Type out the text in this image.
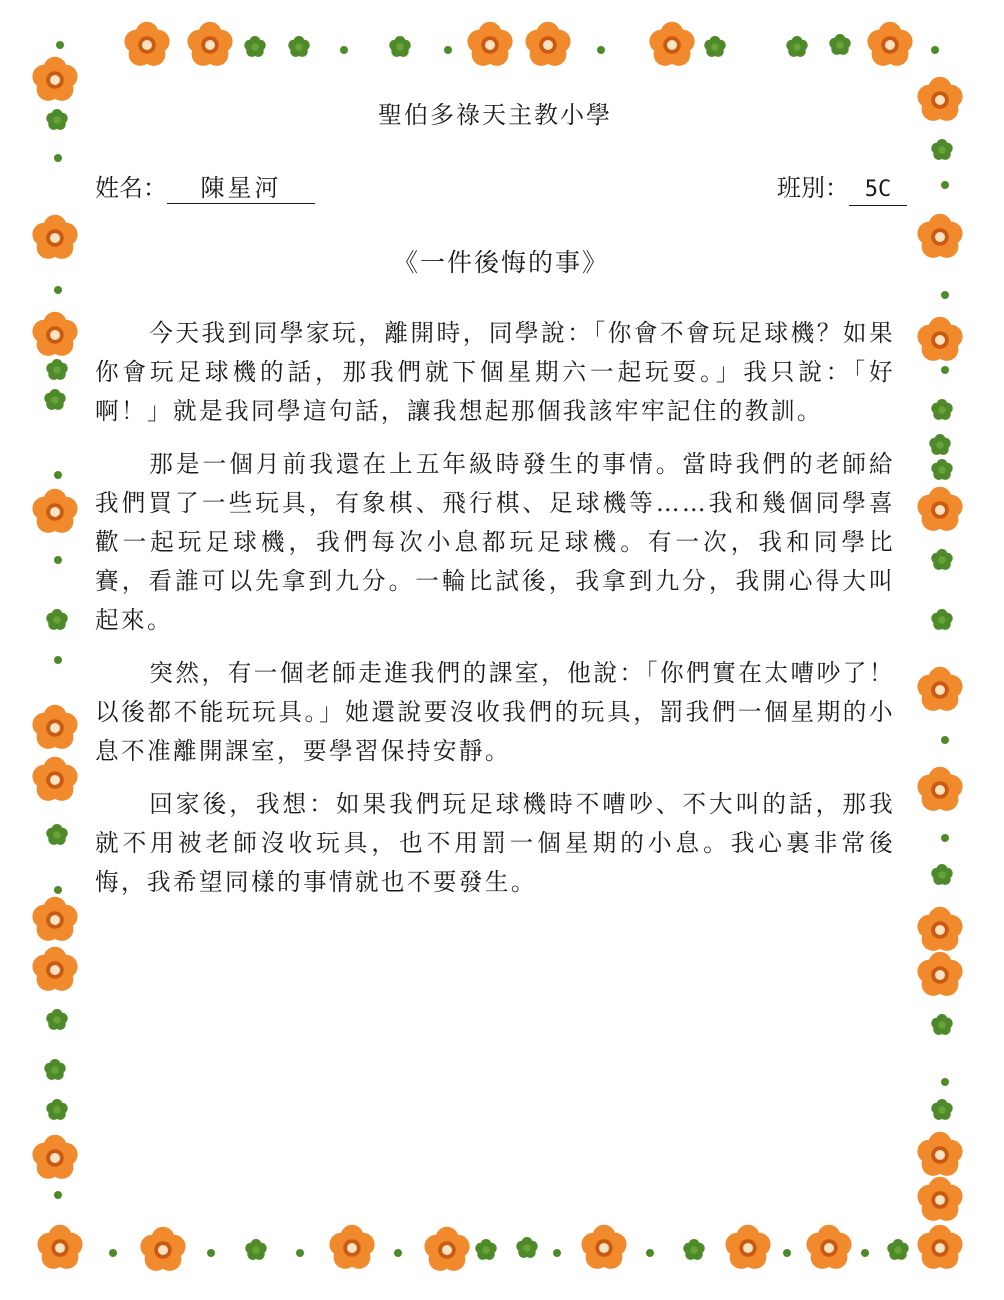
聖伯多祿天主教小學
姓名： 陳星河	班別： 5C
《一件後悔的事》

今天我到同學家玩，離開時，同學說：「你會不會玩足球機？如果你會玩足球機的話，那我們就下個星期六一起玩耍。」我只說：「好啊！」就是我同學這句話，讓我想起那個我該牢牢記住的教訓。

那是一個月前我還在上五年級時發生的事情。當時我們的老師給我們買了一些玩具，有象棋、飛行棋、足球機等……我和幾個同學喜歡一起玩足球機，我們每次小息都玩足球機。有一次，我和同學比賽，看誰可以先拿到九分。一輪比試後，我拿到九分，我開心得大叫起來。

突然，有一個老師走進我們的課室，他說：「你們實在太嘈吵了！以後都不能玩玩具。」她還說要沒收我們的玩具，罰我們一個星期的小息不准離開課室，要學習保持安靜。

回家後，我想：如果我們玩足球機時不嘈吵、不大叫的話，那我就不用被老師沒收玩具，也不用罰一個星期的小息。我心裏非常後悔，我希望同樣的事情就也不要發生。
